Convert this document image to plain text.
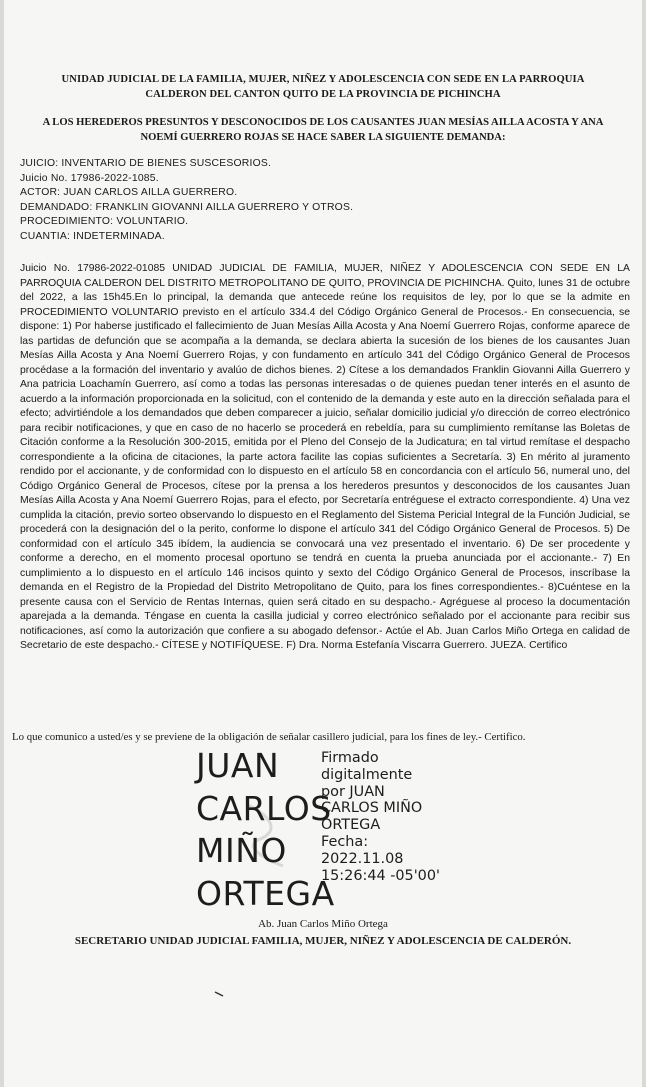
UNIDAD JUDICIAL DE LA FAMILIA, MUJER, NIÑEZ Y ADOLESCENCIA CON SEDE EN LA PARROQUIA
CALDERON DEL CANTON QUITO DE LA PROVINCIA DE PICHINCHA
A LOS HEREDEROS PRESUNTOS Y DESCONOCIDOS DE LOS CAUSANTES JUAN MESÍAS AILLA ACOSTA Y ANA
NOEMÍ GUERRERO ROJAS SE HACE SABER LA SIGUIENTE DEMANDA:
JUICIO: INVENTARIO DE BIENES SUSCESORIOS.
Juicio No. 17986-2022-1085.
ACTOR: JUAN CARLOS AILLA GUERRERO.
DEMANDADO: FRANKLIN GIOVANNI AILLA GUERRERO Y OTROS.
PROCEDIMIENTO: VOLUNTARIO.
CUANTIA: INDETERMINADA.
Juicio No. 17986-2022-01085 UNIDAD JUDICIAL DE FAMILIA, MUJER, NIÑEZ Y ADOLESCENCIA CON SEDE EN LA PARROQUIA CALDERON DEL DISTRITO METROPOLITANO DE QUITO, PROVINCIA DE PICHINCHA. Quito, lunes 31 de octubre del 2022, a las 15h45.En lo principal, la demanda que antecede reúne los requisitos de ley, por lo que se la admite en PROCEDIMIENTO VOLUNTARIO previsto en el artículo 334.4 del Código Orgánico General de Procesos.- En consecuencia, se dispone: 1) Por haberse justificado el fallecimiento de Juan Mesías Ailla Acosta y Ana Noemí Guerrero Rojas, conforme aparece de las partidas de defunción que se acompaña a la demanda, se declara abierta la sucesión de los bienes de los causantes Juan Mesías Ailla Acosta y Ana Noemí Guerrero Rojas, y con fundamento en artículo 341 del Código Orgánico General de Procesos procédase a la formación del inventario y avalúo de dichos bienes. 2) Cítese a los demandados Franklin Giovanni Ailla Guerrero y Ana patricia Loachamín Guerrero, así como a todas las personas interesadas o de quienes puedan tener interés en el asunto de acuerdo a la información proporcionada en la solicitud, con el contenido de la demanda y este auto en la dirección señalada para el efecto; advirtiéndole a los demandados que deben comparecer a juicio, señalar domicilio judicial y/o dirección de correo electrónico para recibir notificaciones, y que en caso de no hacerlo se procederá en rebeldía, para su cumplimiento remítanse las Boletas de Citación conforme a la Resolución 300-2015, emitida por el Pleno del Consejo de la Judicatura; en tal virtud remítase el despacho correspondiente a la oficina de citaciones, la parte actora facilite las copias suficientes a Secretaría. 3) En mérito al juramento rendido por el accionante, y de conformidad con lo dispuesto en el artículo 58 en concordancia con el artículo 56, numeral uno, del Código Orgánico General de Procesos, cítese por la prensa a los herederos presuntos y desconocidos de los causantes Juan Mesías Ailla Acosta y Ana Noemí Guerrero Rojas, para el efecto, por Secretaría entréguese el extracto correspondiente. 4) Una vez cumplida la citación, previo sorteo observando lo dispuesto en el Reglamento del Sistema Pericial Integral de la Función Judicial, se procederá con la designación del o la perito, conforme lo dispone el artículo 341 del Código Orgánico General de Procesos. 5) De conformidad con el artículo 345 ibídem, la audiencia se convocará una vez presentado el inventario. 6) De ser procedente y conforme a derecho, en el momento procesal oportuno se tendrá en cuenta la prueba anunciada por el accionante.- 7) En cumplimiento a lo dispuesto en el artículo 146 incisos quinto y sexto del Código Orgánico General de Procesos, inscríbase la demanda en el Registro de la Propiedad del Distrito Metropolitano de Quito, para los fines correspondientes.- 8)Cuéntese en la presente causa con el Servicio de Rentas Internas, quien será citado en su despacho.- Agréguese al proceso la documentación aparejada a la demanda. Téngase en cuenta la casilla judicial y correo electrónico señalado por el accionante para recibir sus notificaciones, así como la autorización que confiere a su abogado defensor.- Actúe el Ab. Juan Carlos Miño Ortega en calidad de Secretario de este despacho.- CÍTESE y NOTIFÍQUESE. F) Dra. Norma Estefanía Viscarra Guerrero. JUEZA. Certifico
Lo que comunico a usted/es y se previene de la obligación de señalar casillero judicial, para los fines de ley.- Certifico.
JUAN
CARLOS
MIÑO
ORTEGA
Firmado
digitalmente
por JUAN
CARLOS MIÑO
ORTEGA
Fecha:
2022.11.08
15:26:44 -05'00'
Ab. Juan Carlos Miño Ortega
SECRETARIO UNIDAD JUDICIAL FAMILIA, MUJER, NIÑEZ Y ADOLESCENCIA DE CALDERÓN.
